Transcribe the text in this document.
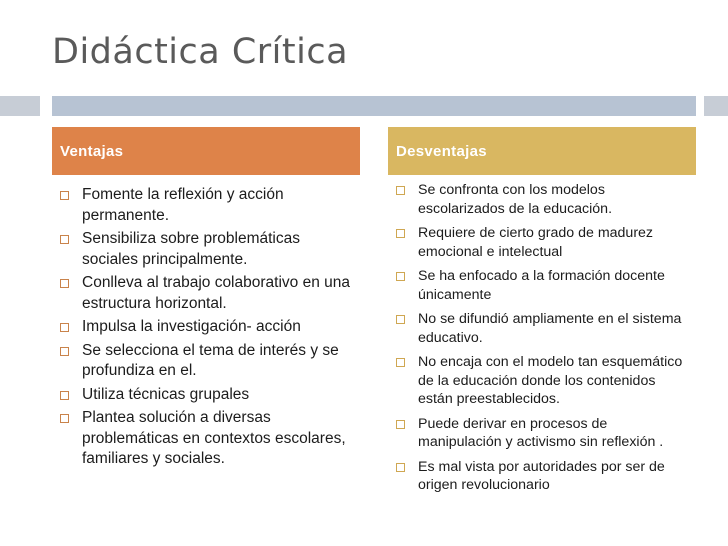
Didáctica Crítica
Ventajas	Desventajas
Fomente la reflexión y acción permanente.
Sensibiliza sobre problemáticas sociales principalmente.
Conlleva al trabajo colaborativo en una estructura horizontal.
Impulsa la investigación- acción
Se selecciona el tema de interés y se profundiza en el.
Utiliza técnicas grupales
Plantea solución a diversas problemáticas en contextos escolares, familiares y sociales.
Se confronta con los modelos escolarizados de la educación.
Requiere de cierto grado de madurez emocional e intelectual
Se ha enfocado a la formación docente únicamente
No se difundió ampliamente en el sistema educativo.
No encaja con el modelo tan esquemático de la educación donde los contenidos están preestablecidos.
Puede derivar en procesos de manipulación y activismo sin reflexión .
Es mal vista por autoridades por ser de origen revolucionario
